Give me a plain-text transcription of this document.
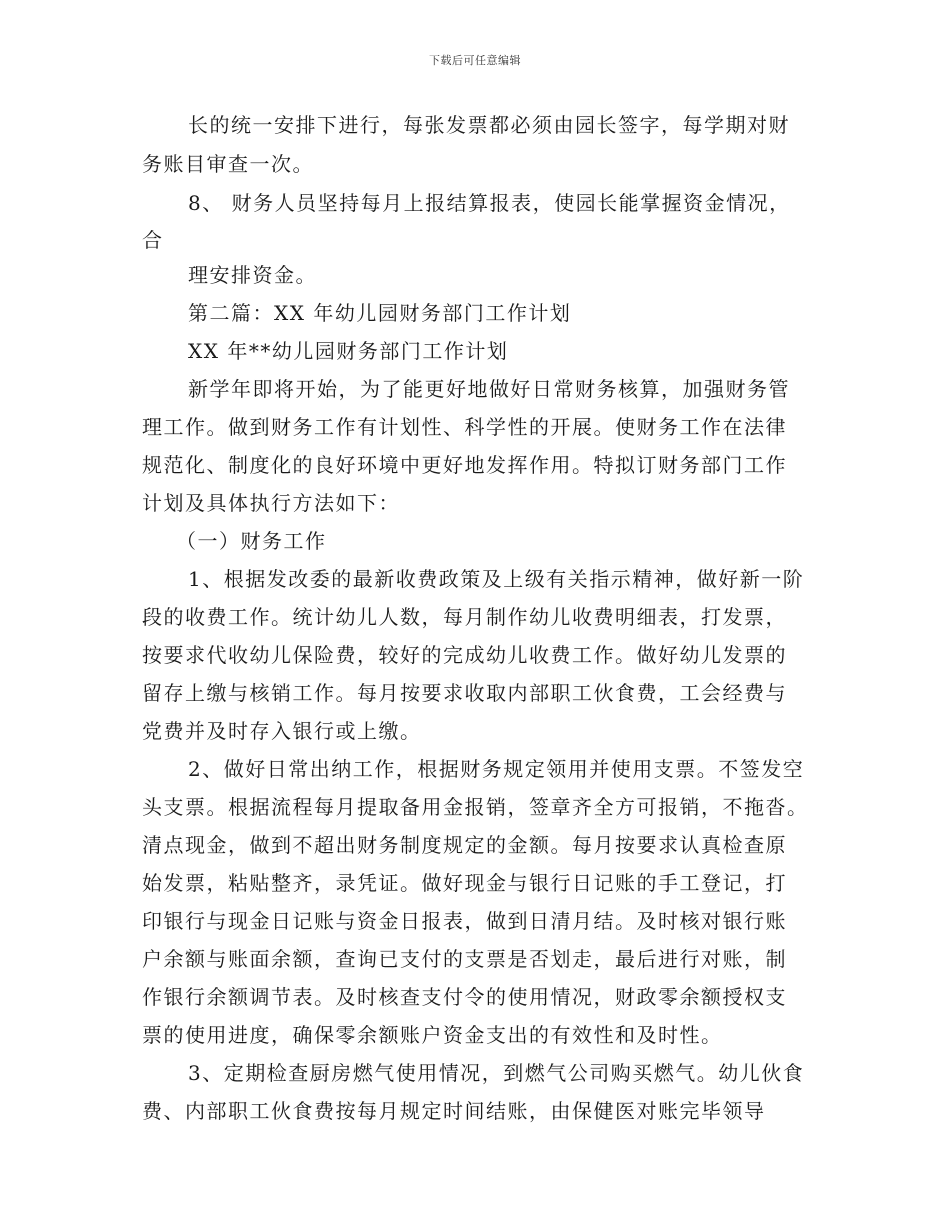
下载后可任意编辑
长的统一安排下进行，每张发票都必须由园长签字，每学期对财
务账目审查一次。
8、 财务人员坚持每月上报结算报表，使园长能掌握资金情况，
合
理安排资金。
第二篇：XX 年幼儿园财务部门工作计划
XX 年**幼儿园财务部门工作计划
新学年即将开始，为了能更好地做好日常财务核算，加强财务管
理工作。做到财务工作有计划性、科学性的开展。使财务工作在法律
规范化、制度化的良好环境中更好地发挥作用。特拟订财务部门工作
计划及具体执行方法如下：
（一）财务工作
1、根据发改委的最新收费政策及上级有关指示精神，做好新一阶
段的收费工作。统计幼儿人数，每月制作幼儿收费明细表，打发票，
按要求代收幼儿保险费，较好的完成幼儿收费工作。做好幼儿发票的
留存上缴与核销工作。每月按要求收取内部职工伙食费，工会经费与
党费并及时存入银行或上缴。
2、做好日常出纳工作，根据财务规定领用并使用支票。不签发空
头支票。根据流程每月提取备用金报销，签章齐全方可报销，不拖沓。
清点现金，做到不超出财务制度规定的金额。每月按要求认真检查原
始发票，粘贴整齐，录凭证。做好现金与银行日记账的手工登记，打
印银行与现金日记账与资金日报表，做到日清月结。及时核对银行账
户余额与账面余额，查询已支付的支票是否划走，最后进行对账，制
作银行余额调节表。及时核查支付令的使用情况，财政零余额授权支
票的使用进度，确保零余额账户资金支出的有效性和及时性。
3、定期检查厨房燃气使用情况，到燃气公司购买燃气。幼儿伙食
费、内部职工伙食费按每月规定时间结账，由保健医对账完毕领导
